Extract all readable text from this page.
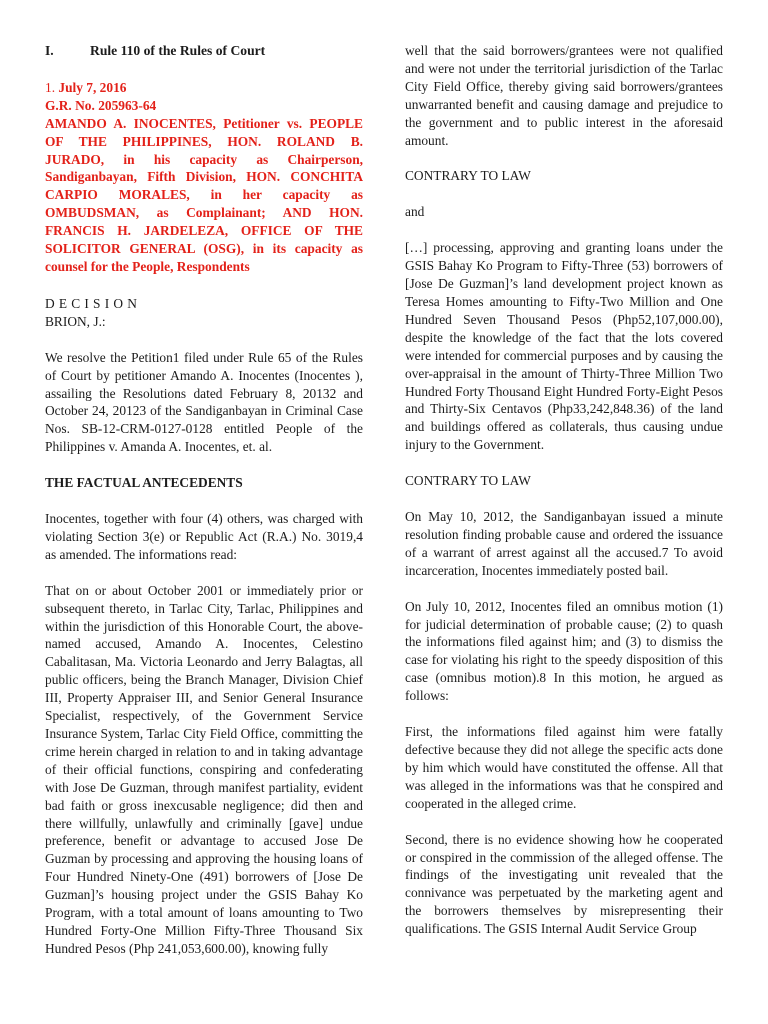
I.	Rule 110 of the Rules of Court

1. July 7, 2016

G.R. No. 205963-64

AMANDO A. INOCENTES, Petitioner vs. PEOPLE OF THE PHILIPPINES, HON. ROLAND B. JURADO, in his capacity as Chairperson, Sandiganbayan, Fifth Division, HON. CONCHITA CARPIO MORALES, in her capacity as OMBUDSMAN, as Complainant; AND HON. FRANCIS H. JARDELEZA, OFFICE OF THE SOLICITOR GENERAL (OSG), in its capacity as counsel for the People, Respondents

DECISION

BRION, J.:

We resolve the Petition1 filed under Rule 65 of the Rules of Court by petitioner Amando A. Inocentes (Inocentes ), assailing the Resolutions dated February 8, 20132 and October 24, 20123 of the Sandiganbayan in Criminal Case Nos. SB-12-CRM-0127-0128 entitled People of the Philippines v. Amanda A. Inocentes, et. al.

THE FACTUAL ANTECEDENTS

Inocentes, together with four (4) others, was charged with violating Section 3(e) or Republic Act (R.A.) No. 3019,4 as amended. The informations read:

That on or about October 2001 or immediately prior or subsequent thereto, in Tarlac City, Tarlac, Philippines and within the jurisdiction of this Honorable Court, the above-named accused, Amando A. Inocentes, Celestino Cabalitasan, Ma. Victoria Leonardo and Jerry Balagtas, all public officers, being the Branch Manager, Division Chief III, Property Appraiser III, and Senior General Insurance Specialist, respectively, of the Government Service Insurance System, Tarlac City Field Office, committing the crime herein charged in relation to and in taking advantage of their official functions, conspiring and confederating with Jose De Guzman, through manifest partiality, evident bad faith or gross inexcusable negligence; did then and there willfully, unlawfully and criminally [gave] undue preference, benefit or advantage to accused Jose De Guzman by processing and approving the housing loans of Four Hundred Ninety-One (491) borrowers of [Jose De Guzman]’s housing project under the GSIS Bahay Ko Program, with a total amount of loans amounting to Two Hundred Forty-One Million Fifty-Three Thousand Six Hundred Pesos (Php 241,053,600.00), knowing fully

well that the said borrowers/grantees were not qualified and were not under the territorial jurisdiction of the Tarlac City Field Office, thereby giving said borrowers/grantees unwarranted benefit and causing damage and prejudice to the government and to public interest in the aforesaid amount.

CONTRARY TO LAW

and

[…] processing, approving and granting loans under the GSIS Bahay Ko Program to Fifty-Three (53) borrowers of [Jose De Guzman]’s land development project known as Teresa Homes amounting to Fifty-Two Million and One Hundred Seven Thousand Pesos (Php52,107,000.00), despite the knowledge of the fact that the lots covered were intended for commercial purposes and by causing the over-appraisal in the amount of Thirty-Three Million Two Hundred Forty Thousand Eight Hundred Forty-Eight Pesos and Thirty-Six Centavos (Php33,242,848.36) of the land and buildings offered as collaterals, thus causing undue injury to the Government.

CONTRARY TO LAW

On May 10, 2012, the Sandiganbayan issued a minute resolution finding probable cause and ordered the issuance of a warrant of arrest against all the accused.7 To avoid incarceration, Inocentes immediately posted bail.

On July 10, 2012, Inocentes filed an omnibus motion (1) for judicial determination of probable cause; (2) to quash the informations filed against him; and (3) to dismiss the case for violating his right to the speedy disposition of this case (omnibus motion).8 In this motion, he argued as follows:

First, the informations filed against him were fatally defective because they did not allege the specific acts done by him which would have constituted the offense. All that was alleged in the informations was that he conspired and cooperated in the alleged crime.

Second, there is no evidence showing how he cooperated or conspired in the commission of the alleged offense. The findings of the investigating unit revealed that the connivance was perpetuated by the marketing agent and the borrowers themselves by misrepresenting their qualifications. The GSIS Internal Audit Service Group
